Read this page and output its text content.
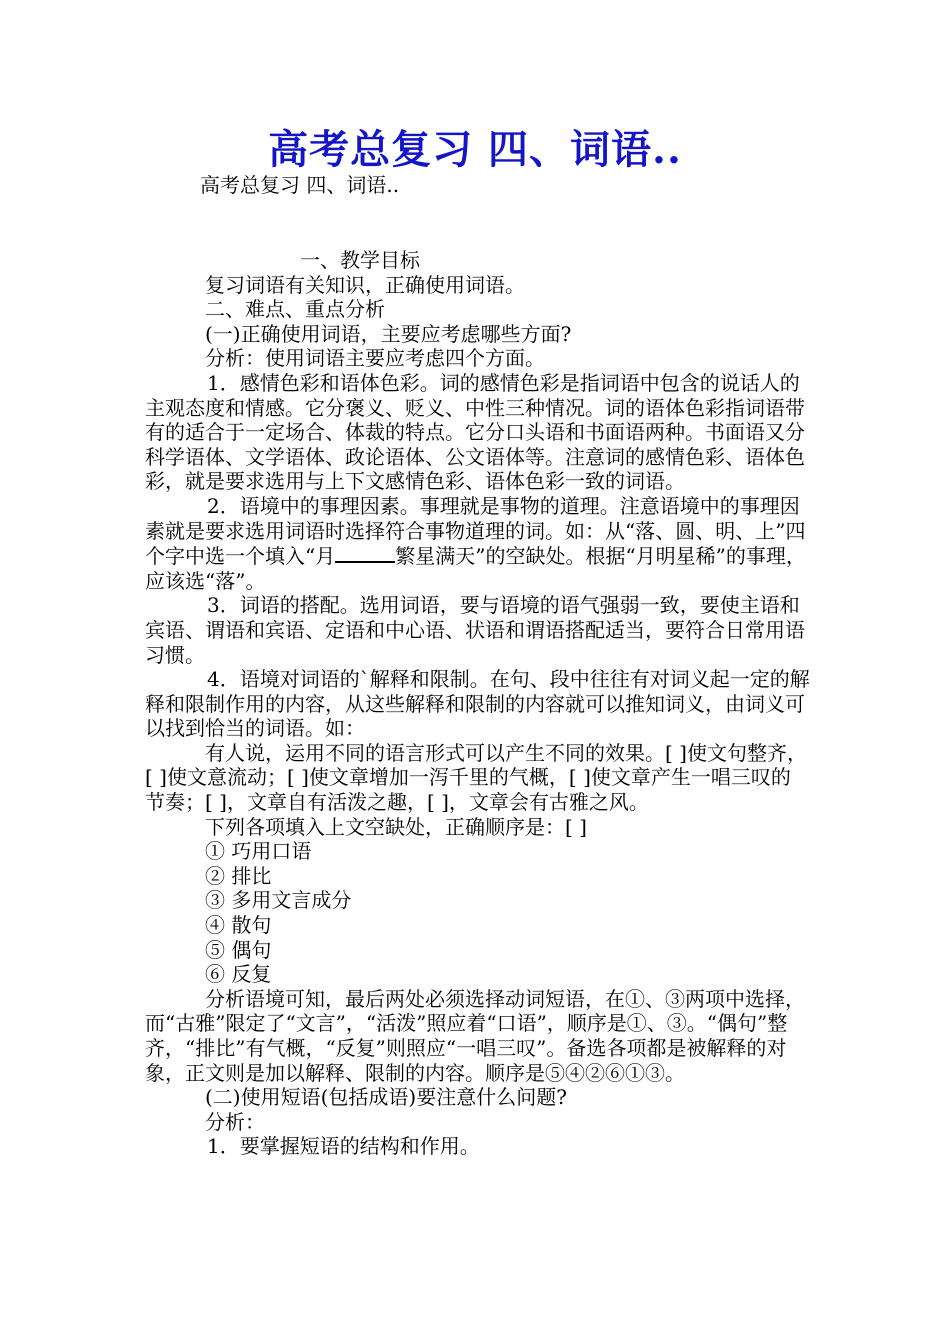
高考总复习 四、词语..

高考总复习 四、词语..

一、教学目标

复习词语有关知识，正确使用词语。

二、难点、重点分析

(一)正确使用词语，主要应考虑哪些方面?

分析：使用词语主要应考虑四个方面。

1．感情色彩和语体色彩。词的感情色彩是指词语中包含的说话人的主观态度和情感。它分褒义、贬义、中性三种情况。词的语体色彩指词语带有的适合于一定场合、体裁的特点。它分口头语和书面语两种。书面语又分科学语体、文学语体、政论语体、公文语体等。注意词的感情色彩、语体色彩，就是要求选用与上下文感情色彩、语体色彩一致的词语。

2．语境中的事理因素。事理就是事物的道理。注意语境中的事理因素就是要求选用词语时选择符合事物道理的词。如：从“落、圆、明、上”四个字中选一个填入“月	繁星满天”的空缺处。根据“月明星稀”的事理，应该选“落”。

3．词语的搭配。选用词语，要与语境的语气强弱一致，要使主语和宾语、谓语和宾语、定语和中心语、状语和谓语搭配适当，要符合日常用语习惯。

4．语境对词语的`解释和限制。在句、段中往往有对词义起一定的解释和限制作用的内容，从这些解释和限制的内容就可以推知词义，由词义可以找到恰当的词语。如：

有人说，运用不同的语言形式可以产生不同的效果。[ ]使文句整齐，[ ]使文意流动；[ ]使文章增加一泻千里的气概，[ ]使文章产生一唱三叹的节奏；[ ]，文章自有活泼之趣，[ ]，文章会有古雅之风。

下列各项填入上文空缺处，正确顺序是：[ ]

① 巧用口语

② 排比

③ 多用文言成分

④ 散句

⑤ 偶句

⑥ 反复

分析语境可知，最后两处必须选择动词短语，在①、③两项中选择，而“古雅”限定了“文言”，“活泼”照应着“口语”，顺序是①、③。“偶句”整齐，“排比”有气概，“反复”则照应“一唱三叹”。备选各项都是被解释的对象，正文则是加以解释、限制的内容。顺序是⑤④②⑥①③。

(二)使用短语(包括成语)要注意什么问题?

分析：

1．要掌握短语的结构和作用。
